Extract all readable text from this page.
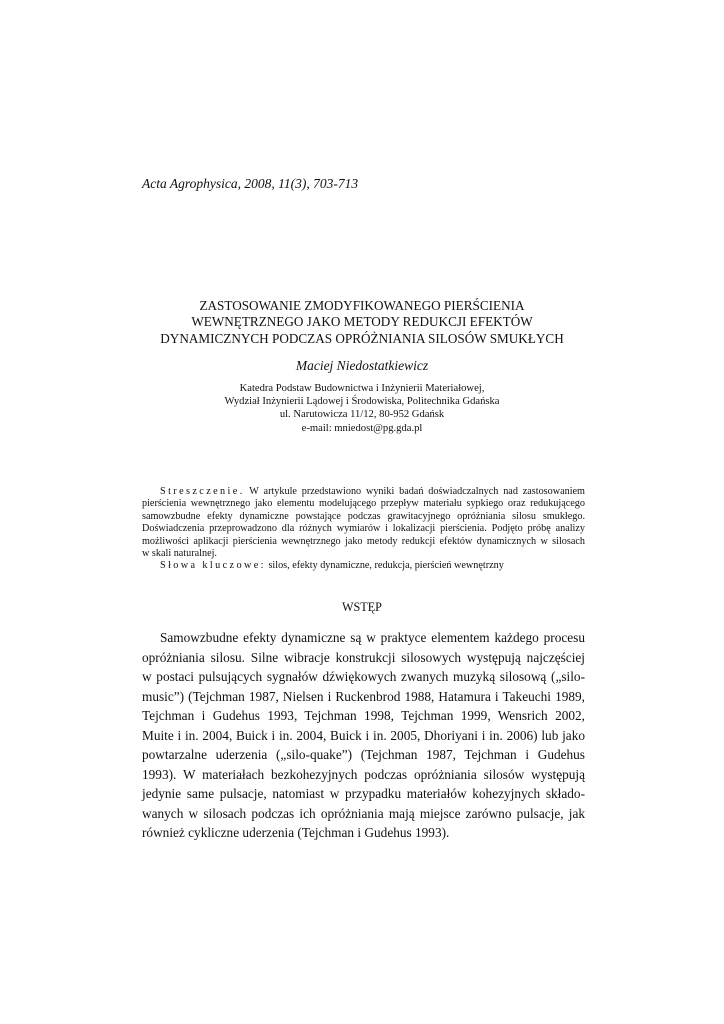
Acta Agrophysica, 2008, 11(3), 703-713
ZASTOSOWANIE ZMODYFIKOWANEGO PIERŚCIENIA
WEWNĘTRZNEGO JAKO METODY REDUKCJI EFEKTÓW
DYNAMICZNYCH PODCZAS OPRÓŻNIANIA SILOSÓW SMUKŁYCH
Maciej Niedostatkiewicz
Katedra Podstaw Budownictwa i Inżynierii Materiałowej,
Wydział Inżynierii Lądowej i Środowiska, Politechnika Gdańska
ul. Narutowicza 11/12, 80-952 Gdańsk
e-mail: mniedost@pg.gda.pl
Streszczenie. W artykule przedstawiono wyniki badań doświadczalnych nad zastosowaniem
pierścienia wewnętrznego jako elementu modelującego przepływ materiału sypkiego oraz redukującego
samowzbudne efekty dynamiczne powstające podczas grawitacyjnego opróżniania silosu smukłego.
Doświadczenia przeprowadzono dla różnych wymiarów i lokalizacji pierścienia. Podjęto próbę analizy
możliwości aplikacji pierścienia wewnętrznego jako metody redukcji efektów dynamicznych w silosach
w skali naturalnej.
Słowa kluczowe: silos, efekty dynamiczne, redukcja, pierścień wewnętrzny
WSTĘP
Samowzbudne efekty dynamiczne są w praktyce elementem każdego procesu
opróżniania silosu. Silne wibracje konstrukcji silosowych występują najczęściej
w postaci pulsujących sygnałów dźwiękowych zwanych muzyką silosową („silo-
music”) (Tejchman 1987, Nielsen i Ruckenbrod 1988, Hatamura i Takeuchi 1989,
Tejchman i Gudehus 1993, Tejchman 1998, Tejchman 1999, Wensrich 2002,
Muite i in. 2004, Buick i in. 2004, Buick i in. 2005, Dhoriyani i in. 2006) lub jako
powtarzalne uderzenia („silo-quake”) (Tejchman 1987, Tejchman i Gudehus
1993). W materiałach bezkohezyjnych podczas opróżniania silosów występują
jedynie same pulsacje, natomiast w przypadku materiałów kohezyjnych składo-
wanych w silosach podczas ich opróżniania mają miejsce zarówno pulsacje, jak
również cykliczne uderzenia (Tejchman i Gudehus 1993).
